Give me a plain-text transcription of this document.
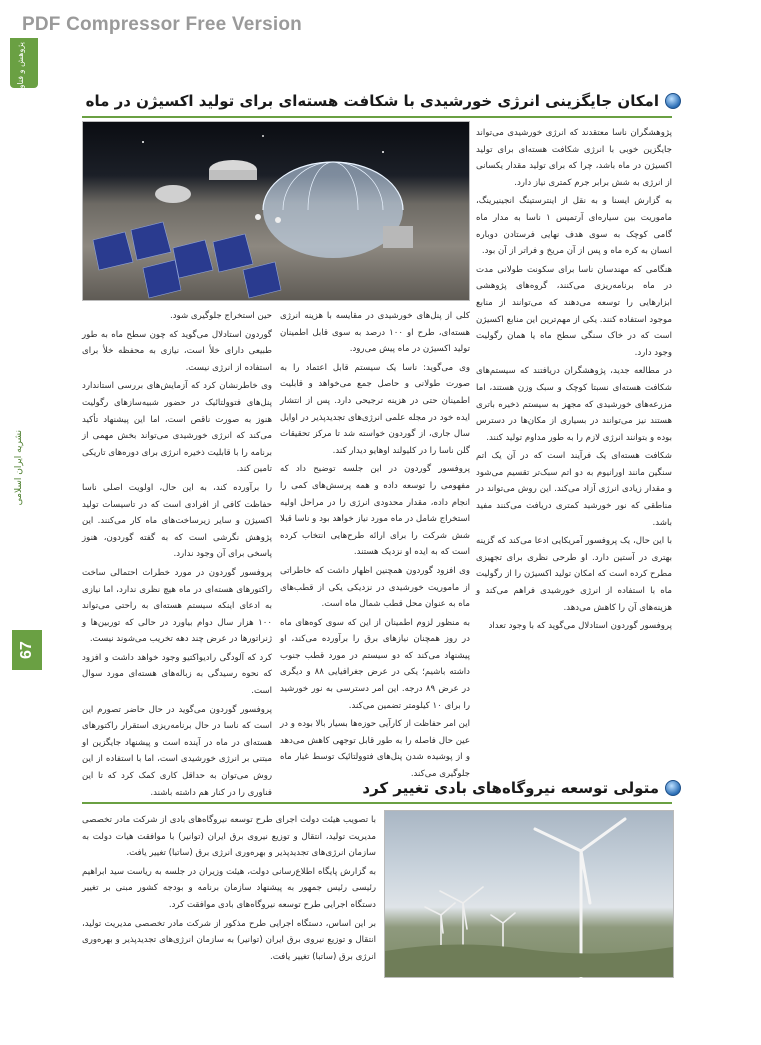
PDF Compressor Free Version
پژوهش و فناوری
نشریه ایران اسلامی
67
امکان جایگزینی انرژی خورشیدی با شکافت هسته‌ای برای تولید اکسیژن در ماه

پژوهشگران ناسا معتقدند که انرژی خورشیدی می‌تواند جایگزین خوبی با انرژی شکافت هسته‌ای برای تولید اکسیژن در ماه باشد، چرا که برای تولید مقدار یکسانی از انرژی به شش برابر جرم کمتری نیاز دارد.

به گزارش ایسنا و به نقل از اینترستینگ انجینیرینگ، ماموریت بین سیاره‌ای آرتمیس ۱ ناسا به مدار ماه گامی کوچک به سوی هدف نهایی فرستادن دوباره انسان به کره ماه و پس از آن مریخ و فراتر از آن بود.

هنگامی که مهندسان ناسا برای سکونت طولانی مدت در ماه برنامه‌ریزی می‌کنند، گروه‌های پژوهشی ابزارهایی را توسعه می‌دهند که می‌توانند از منابع موجود استفاده کنند. یکی از مهم‌ترین این منابع اکسیژن است که در خاک سنگی سطح ماه یا همان رگولیت وجود دارد.

در مطالعه جدید، پژوهشگران دریافتند که سیستم‌های شکافت هسته‌ای نسبتا کوچک و سبک وزن هستند، اما مزرعه‌های خورشیدی که مجهز به سیستم ذخیره باتری هستند نیز می‌توانند در بسیاری از مکان‌ها در دسترس بوده و بتوانند انرژی لازم را به طور مداوم تولید کنند.

شکافت هسته‌ای یک فرآیند است که در آن یک اتم سنگین مانند اورانیوم به دو اتم سبک‌تر تقسیم می‌شود و مقدار زیادی انرژی آزاد می‌کند. این روش می‌تواند در مناطقی که نور خورشید کمتری دریافت می‌کنند مفید باشد.

با این حال، یک پروفسور آمریکایی ادعا می‌کند که گزینه بهتری در آستین دارد. او طرحی نظری برای تجهیزی مطرح کرده است که امکان تولید اکسیژن را از رگولیت ماه با استفاده از انرژی خورشیدی فراهم می‌کند و هزینه‌های آن را کاهش می‌دهد.

پروفسور گوردون استادلال می‌گوید که با وجود تعداد

کلی از پنل‌های خورشیدی در مقایسه با هزینه انرژی هسته‌ای، طرح او ۱۰۰ درصد به سوی قابل اطمینان تولید اکسیژن در ماه پیش می‌رود.

وی می‌گوید: ناسا یک سیستم قابل اعتماد را به صورت طولانی و حاصل جمع می‌خواهد و قابلیت اطمینان حتی در هزینه ترجیحی دارد. پس از انتشار ایده خود در مجله علمی انرژی‌های تجدیدپذیر در اوایل سال جاری، از گوردون خواسته شد تا مرکز تحقیقات گلن ناسا را در کلیولند اوهایو دیدار کند.

پروفسور گوردون در این جلسه توضیح داد که مفهومی را توسعه داده و همه پرسش‌های کمی را انجام داده، مقدار محدودی انرژی را در مراحل اولیه استخراج شامل در ماه مورد نیاز خواهد بود و ناسا قبلا شش شرکت را برای ارائه طرح‌هایی انتخاب کرده است که به ایده او نزدیک هستند.

وی افزود گوردون همچنین اظهار داشت که خاطراتی از ماموریت خورشیدی در نزدیکی یکی از قطب‌های ماه به عنوان محل قطب شمال ماه است.

به منظور لزوم اطمینان از این که سوی کوه‌های ماه در روز همچنان نیازهای برق را برآورده می‌کند، او پیشنهاد می‌کند که دو سیستم در مورد قطب جنوب داشته باشیم؛ یکی در عرض جغرافیایی ۸۸ و دیگری در عرض ۸۹ درجه. این امر دسترسی به نور خورشید را برای ۱۰ کیلومتر تضمین می‌کند.

این امر حفاظت از کارآیی حوزه‌ها بسیار بالا بوده و در عین حال فاصله را به طور قابل توجهی کاهش می‌دهد و از پوشیده شدن پنل‌های فتوولتائیک توسط غبار ماه جلوگیری می‌کند.

حین استخراج جلوگیری شود.

گوردون استادلال می‌گوید که چون سطح ماه به طور طبیعی دارای خلأ است، نیازی به محفظه خلأ برای استفاده از انرژی نیست.

وی خاطرنشان کرد که آزمایش‌های بررسی استاندارد پنل‌های فتوولتائیک در حضور شبیه‌سازهای رگولیت هنوز به صورت ناقص است، اما این پیشنهاد تأکید می‌کند که انرژی خورشیدی می‌تواند بخش مهمی از برنامه را با قابلیت ذخیره انرژی برای دوره‌های تاریکی تامین کند.

را برآورده کند، به این حال، اولویت اصلی ناسا حفاظت کافی از افرادی است که در تاسیسات تولید اکسیژن و سایر زیرساخت‌های ماه کار می‌کنند. این پژوهش نگرشی است که به گفته گوردون، هنوز پاسخی برای آن وجود ندارد.

پروفسور گوردون در مورد خطرات احتمالی ساخت راکتورهای هسته‌ای در ماه هیچ نظری ندارد، اما نیازی به ادعای اینکه سیستم هسته‌ای به راحتی می‌تواند ۱۰۰ هزار سال دوام بیاورد در حالی که توربین‌ها و ژنراتورها در عرض چند دهه تخریب می‌شوند نیست.

کرد که آلودگی رادیواکتیو وجود خواهد داشت و افزود که نحوه رسیدگی به زباله‌های هسته‌ای مورد سوال است.

پروفسور گوردون می‌گوید در حال حاضر تصورم این است که ناسا در حال برنامه‌ریزی استقرار راکتورهای هسته‌ای در ماه در آینده است و پیشنهاد جایگزین او مبتنی بر انرژی خورشیدی است، اما با استفاده از این روش می‌توان به حداقل کاری کمک کرد که تا این فناوری را در کنار هم داشته باشند.	متولی توسعه نیروگاه‌های بادی تغییر کرد

با تصویب هیئت دولت اجرای طرح توسعه نیروگاه‌های بادی از شرکت مادر تخصصی مدیریت تولید، انتقال و توزیع نیروی برق ایران (توانیر) با موافقت هیات دولت به سازمان انرژی‌های تجدیدپذیر و بهره‌وری انرژی برق (ساتبا) تغییر یافت.

به گزارش پایگاه اطلاع‌رسانی دولت، هیئت وزیران در جلسه به ریاست سید ابراهیم رئیسی رئیس جمهور به پیشنهاد سازمان برنامه و بودجه کشور مبنی بر تغییر دستگاه اجرایی طرح توسعه نیروگاه‌های بادی موافقت کرد.

بر این اساس، دستگاه اجرایی طرح مذکور از شرکت مادر تخصصی مدیریت تولید، انتقال و توزیع نیروی برق ایران (توانیر) به سازمان انرژی‌های تجدیدپذیر و بهره‌وری انرژی برق (ساتبا) تغییر یافت.
